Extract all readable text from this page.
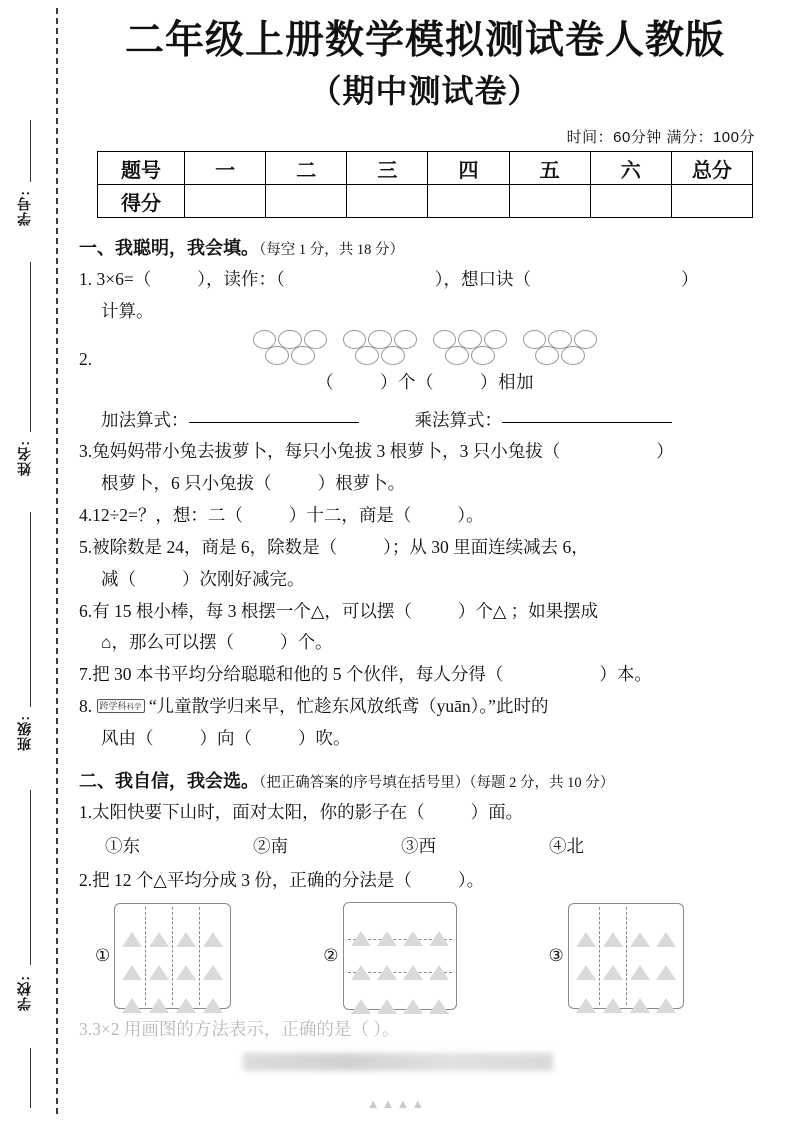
学号:
姓名:
班级:
学校:
二年级上册数学模拟测试卷人教版
（期中测试卷）
时间：60分钟 满分：100分
题号	一	二	三	四	五	六	总分
得分							
一、我聪明，我会填。（每空 1 分，共 18 分）
1. 3×6=（	），读作：（	），想口诀（	）
计算。
2.
（	）个（	）相加
加法算式：	乘法算式：
3.兔妈妈带小兔去拔萝卜，每只小兔拔 3 根萝卜，3 只小兔拔（	）
根萝卜，6 只小兔拔（	）根萝卜。
4.12÷2=？，想：二（	）十二，商是（	）。
5.被除数是 24，商是 6，除数是（	）；从 30 里面连续减去 6，
减（	）次刚好减完。
6.有 15 根小棒，每 3 根摆一个△，可以摆（	）个△ ；如果摆成
⌂，那么可以摆（	）个。
7.把 30 本书平均分给聪聪和他的 5 个伙伴，每人分得（	）本。
8. 跨学科科学 “儿童散学归来早，忙趁东风放纸鸢（yuān）。”此时的
风由（	）向（	）吹。
二、我自信，我会选。（把正确答案的序号填在括号里）（每题 2 分，共 10 分）
1.太阳快要下山时，面对太阳，你的影子在（	）面。
①东	②南	③西	④北
2.把 12 个△平均分成 3 份，正确的分法是（	）。
①	②	③
3.3×2 用画图的方法表示，正确的是（ ）。
▲▲▲▲
